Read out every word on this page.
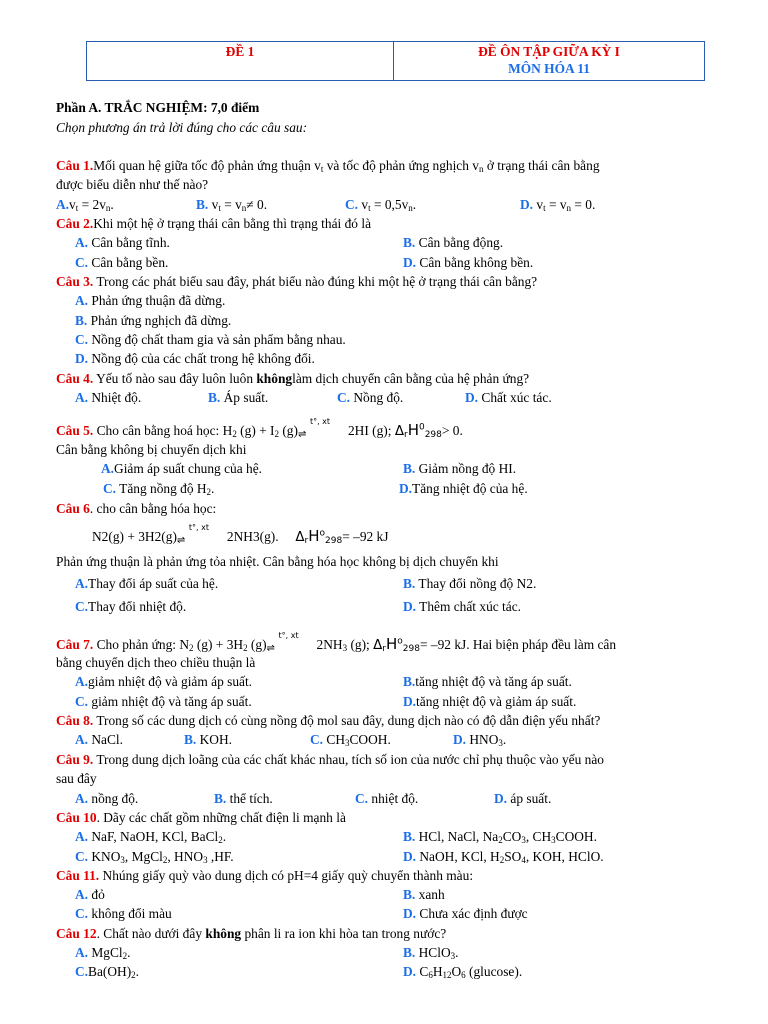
ĐỀ 1	ĐỀ ÔN TẬP GIỮA KỲ I
MÔN HÓA 11
Phần A. TRẮC NGHIỆM: 7,0 điểm
Chọn phương án trả lời đúng cho các câu sau:
Câu 1.Mối quan hệ giữa tốc độ phản ứng thuận $v_t$ và tốc độ phản ứng nghịch $v_n$ ở trạng thái cân bằng
được biểu diễn như thế nào?
$A.v_t = 2v_n$.	B. $v_t = v_n\ne 0$.	C. $v_t = 0,5v_n$.	D. $v_t = v_n = 0$.
Câu 2.Khi một hệ ở trạng thái cân bằng thì trạng thái đó là
A. Cân bằng tĩnh.	B. Cân bằng động.
C. Cân bằng bền.	D. Cân bằng không bền.
Câu 3. Trong các phát biểu sau đây, phát biểu nào đúng khi một hệ ở trạng thái cân bằng?
A. Phản ứng thuận đã dừng.
B. Phản ứng nghịch đã dừng.
C. Nồng độ chất tham gia và sản phẩm bằng nhau.
D. Nồng độ của các chất trong hệ không đổi.
Câu 4. Yếu tố nào sau đây luôn luôn khônglàm dịch chuyển cân bằng của hệ phản ứng?
A. Nhiệt độ.	B. Áp suất.	C. Nồng độ.	D. Chất xúc tác.
Câu 5. Cho cân bằng hoá học: $H_2$ $(g) + I_2$ (g)
t°, xt
⇌	2HI (g); $\Delta_rH^0_{298}> 0$.
Cân bằng không bị chuyển dịch khi
A.Giảm áp suất chung của hệ.	B. Giảm nồng độ HI.
C. Tăng nồng độ $H_2$.	D.Tăng nhiệt độ của hệ.
Câu 6. cho cân bằng hóa học:
N2(g) + 3H2(g)
t°, xt
⇌	2NH3(g). $\Delta_rH^o_{298}= -92$ kJ
Phản ứng thuận là phản ứng tỏa nhiệt. Cân bằng hóa học không bị dịch chuyển khi
A.Thay đổi áp suất của hệ.	B. Thay đổi nồng độ N2.
C.Thay đổi nhiệt độ.	D. Thêm chất xúc tác.
Câu 7. Cho phản ứng: $N_2$ $(g) + 3H_2$ (g)
t°, xt
⇌	$2NH_3$ (g); $\Delta_rH^o_{298}= -92$ kJ. Hai biện pháp đều làm cân
bằng chuyển dịch theo chiều thuận là
A.giảm nhiệt độ và giảm áp suất.	B.tăng nhiệt độ và tăng áp suất.
C. giảm nhiệt độ và tăng áp suất.	D.tăng nhiệt độ và giảm áp suất.
Câu 8. Trong số các dung dịch có cùng nồng độ mol sau đây, dung dịch nào có độ dẫn điện yếu nhất?
A. NaCl.	B. KOH.	C. $CH_3COOH$.	D. $HNO_3$.
Câu 9. Trong dung dịch loãng của các chất khác nhau, tích số ion của nước chỉ phụ thuộc vào yếu nào
sau đây
A. nồng độ.	B. thể tích.	C. nhiệt độ.	D. áp suất.
Câu 10. Dãy các chất gồm những chất điện li mạnh là
A. NaF, NaOH, KCl, BaCl$_2$.	B. HCl, NaCl, $Na_2CO_3$, $CH_3COOH$.
C. $KNO_3$, MgCl$_2$, $HNO_3$ ,HF.	D. NaOH, KCl, $H_2SO_4$, KOH, HClO.
Câu 11. Nhúng giấy quỳ vào dung dịch có pH=4 giấy quỳ chuyển thành màu:
A. đỏ	B. xanh
C. không đổi màu	D. Chưa xác định được
Câu 12. Chất nào dưới đây không phân li ra ion khi hòa tan trong nước?
A. MgCl$_2$.	B. HClO$_3$.
$C.Ba(OH)_2$.	D. $C_6H_{12}O_6$ (glucose).
